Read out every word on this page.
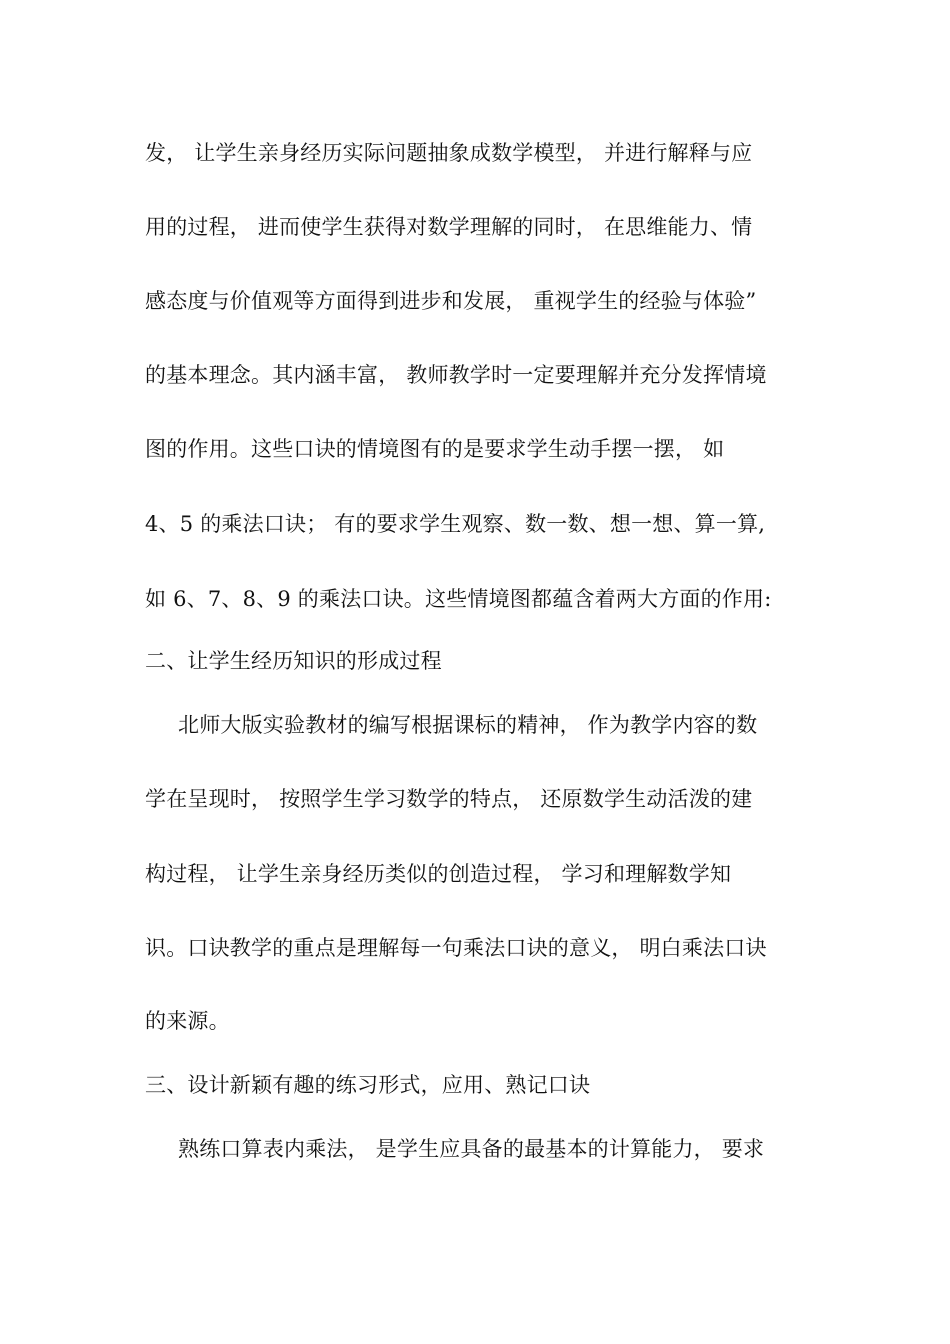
发， 让学生亲身经历实际问题抽象成数学模型， 并进行解释与应
用的过程， 进而使学生获得对数学理解的同时， 在思维能力、情
感态度与价值观等方面得到进步和发展， 重视学生的经验与体验”
的基本理念。其内涵丰富， 教师教学时一定要理解并充分发挥情境
图的作用。这些口诀的情境图有的是要求学生动手摆一摆， 如
4、5 的乘法口诀； 有的要求学生观察、数一数、想一想、算一算,
如 6、7、8、9 的乘法口诀。这些情境图都蕴含着两大方面的作用:
二、让学生经历知识的形成过程
北师大版实验教材的编写根据课标的精神， 作为教学内容的数
学在呈现时， 按照学生学习数学的特点， 还原数学生动活泼的建
构过程， 让学生亲身经历类似的创造过程， 学习和理解数学知
识。口诀教学的重点是理解每一句乘法口诀的意义， 明白乘法口诀
的来源。
三、设计新颖有趣的练习形式，应用、熟记口诀
熟练口算表内乘法， 是学生应具备的最基本的计算能力， 要求
